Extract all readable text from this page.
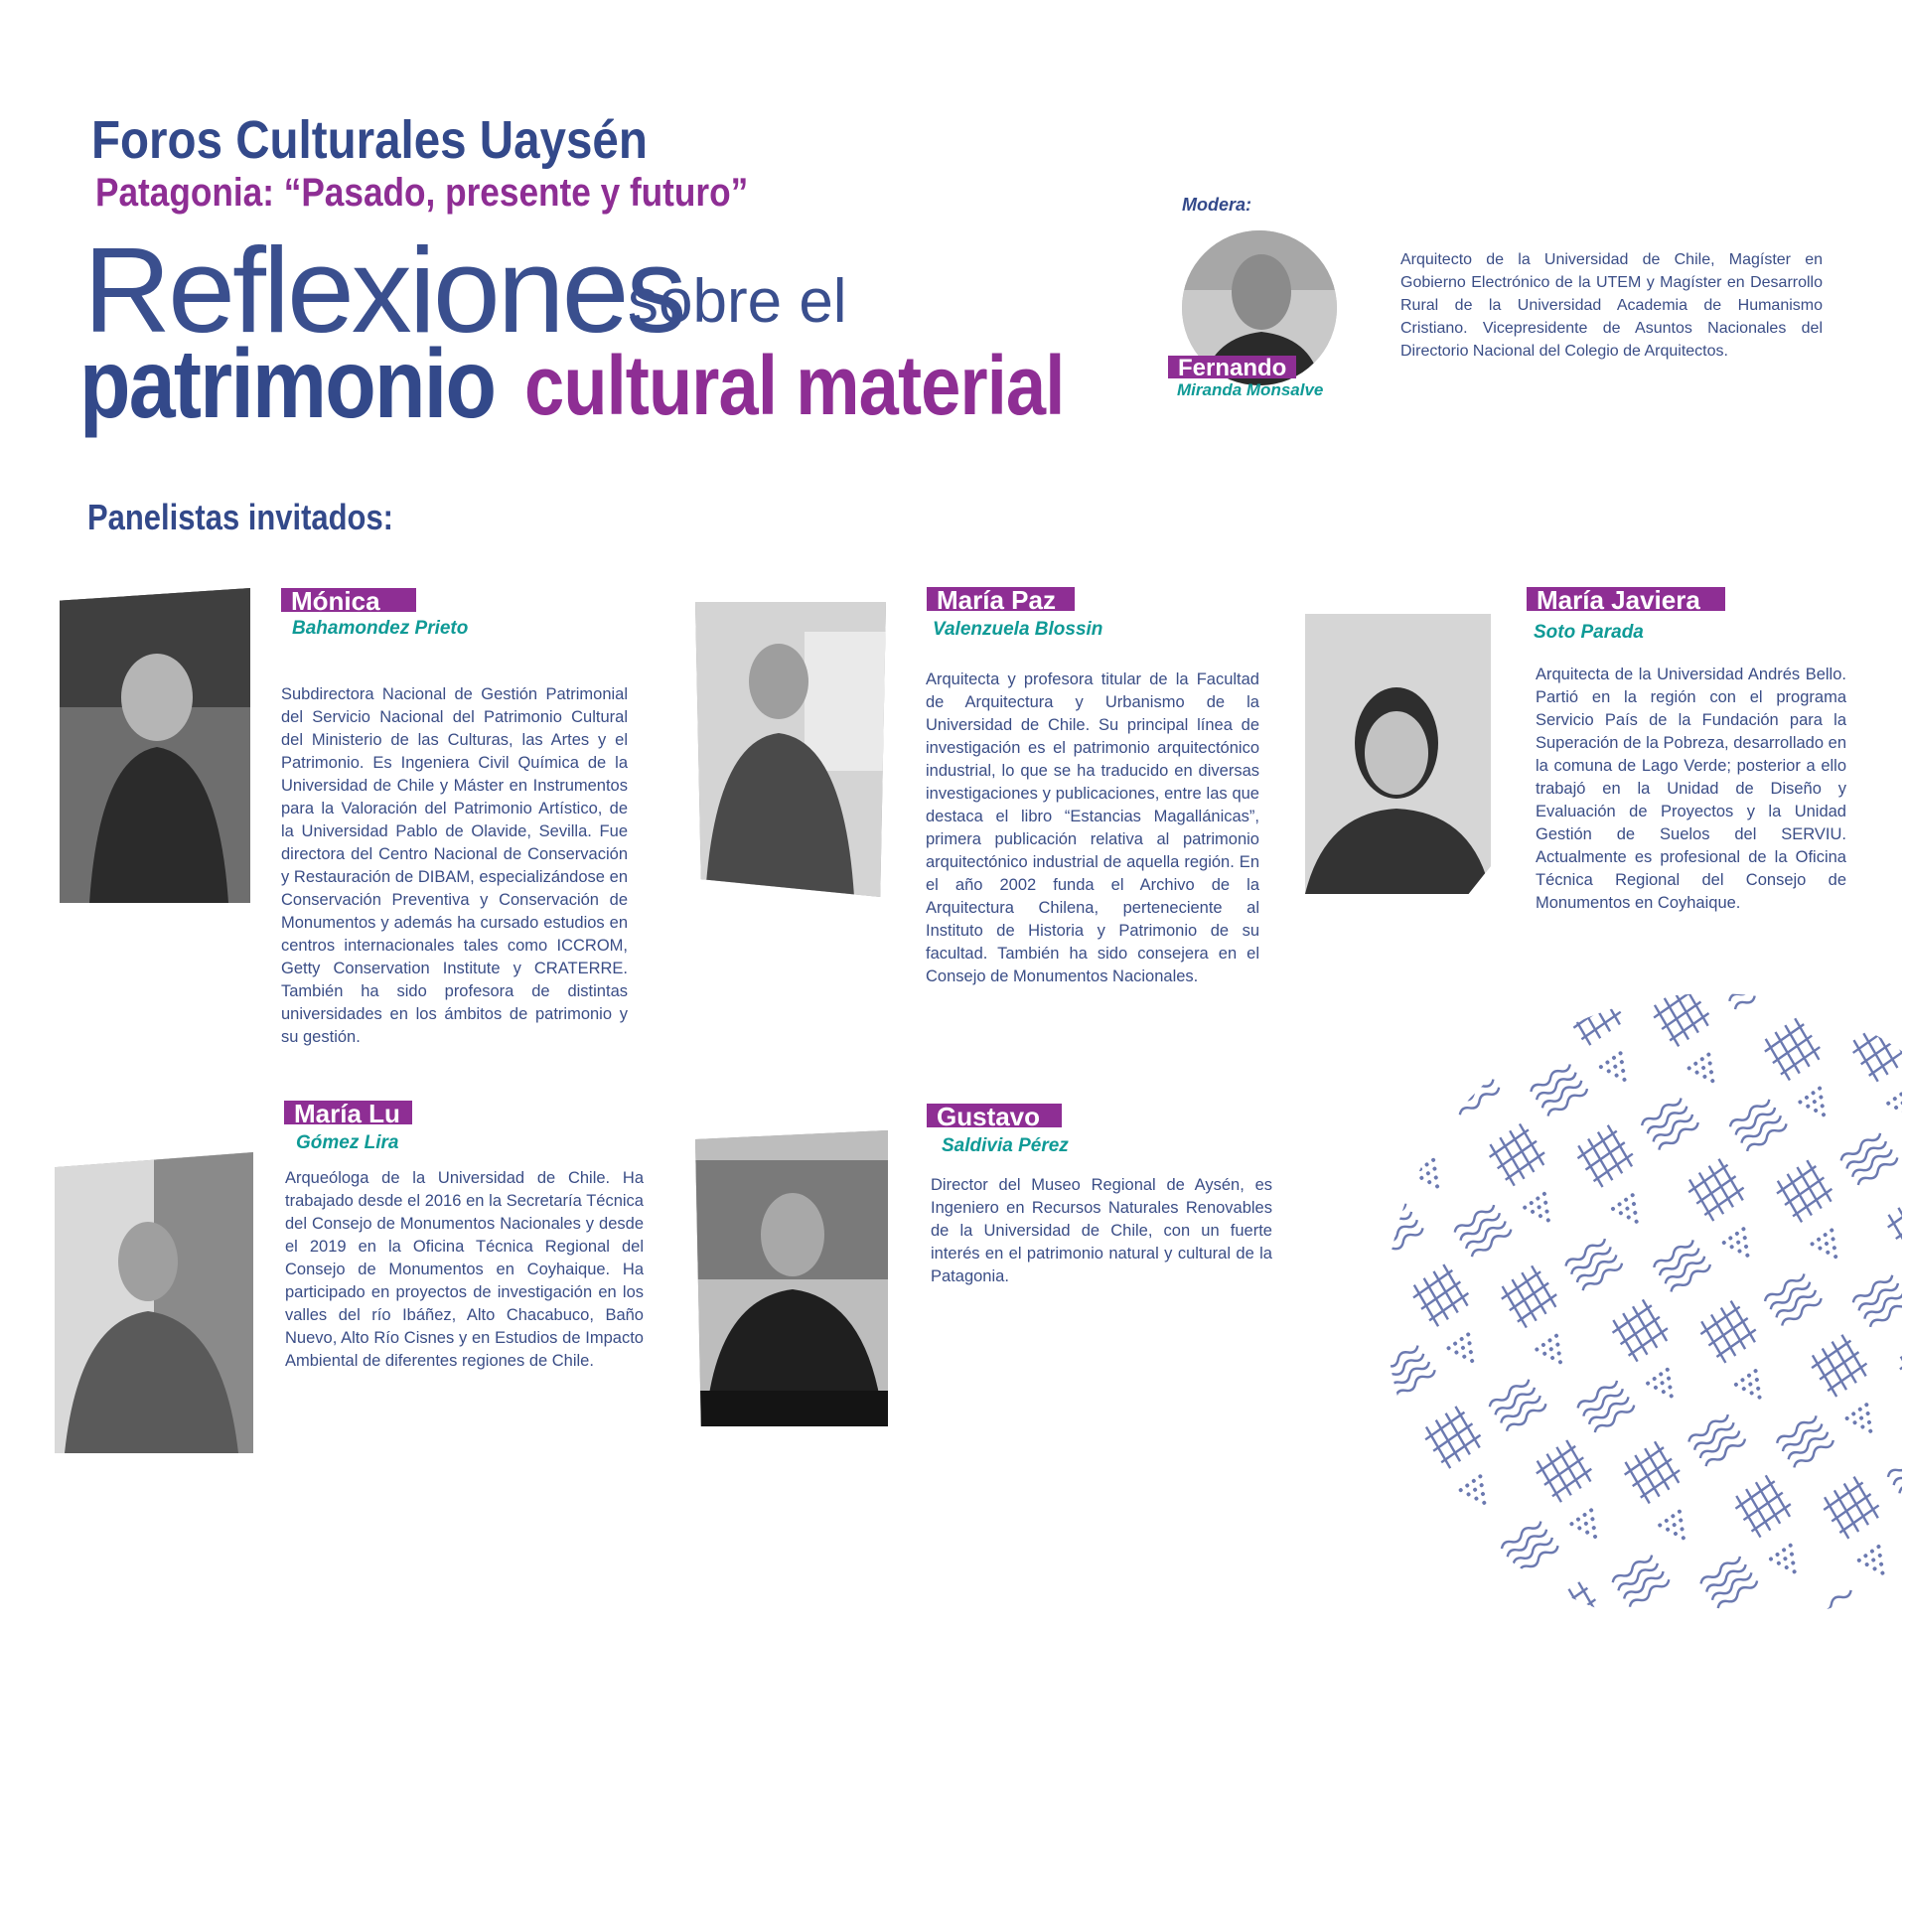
Foros Culturales Uaysén
Patagonia: “Pasado, presente y futuro”
Reflexiones
sobre el
patrimonio cultural material
Modera:
Fernando
Miranda Monsalve
Arquitecto de la Universidad de Chile, Magíster en Gobierno Electrónico de la UTEM y Magíster en Desarrollo Rural de la Universidad Academia de Humanismo Cristiano. Vicepresidente de Asuntos Nacionales del Directorio Nacional del Colegio de Arquitectos.
Panelistas invitados:
Mónica
Bahamondez Prieto
Subdirectora Nacional de Gestión Patrimonial del Servicio Nacional del Patrimonio Cultural del Ministerio de las Culturas, las Artes y el Patrimonio. Es Ingeniera Civil Química de la Universidad de Chile y Máster en Instrumentos para la Valoración del Patrimonio Artístico, de la Universidad Pablo de Olavide, Sevilla. Fue directora del Centro Nacional de Conservación y Restauración de DIBAM, especializándose en Conservación Preventiva y Conservación de Monumentos y además ha cursado estudios en centros internacionales tales como ICCROM, Getty Conservation Institute y CRATERRE. También ha sido profesora de distintas universidades en los ámbitos de patrimonio y su gestión.
María Paz
Valenzuela Blossin
Arquitecta y profesora titular de la Facultad de Arquitectura y Urbanismo de la Universidad de Chile. Su principal línea de investigación es el patrimonio arquitectónico industrial, lo que se ha traducido en diversas investigaciones y publicaciones, entre las que destaca el libro “Estancias Magallánicas”, primera publicación relativa al patrimonio arquitectónico industrial de aquella región. En el año 2002 funda el Archivo de la Arquitectura Chilena, perteneciente al Instituto de Historia y Patrimonio de su facultad. También ha sido consejera en el Consejo de Monumentos Nacionales.
María Javiera
Soto Parada
Arquitecta de la Universidad Andrés Bello. Partió en la región con el programa Servicio País de la Fundación para la Superación de la Pobreza, desarrollado en la comuna de Lago Verde; posterior a ello trabajó en la Unidad de Diseño y Evaluación de Proyectos y la Unidad Gestión de Suelos del SERVIU. Actualmente es profesional de la Oficina Técnica Regional del Consejo de Monumentos en Coyhaique.
María Lu
Gómez Lira
Arqueóloga de la Universidad de Chile. Ha trabajado desde el 2016 en la Secretaría Técnica del Consejo de Monumentos Nacionales y desde el 2019 en la Oficina Técnica Regional del Consejo de Monumentos en Coyhaique. Ha participado en proyectos de investigación en los valles del río Ibáñez, Alto Chacabuco, Baño Nuevo, Alto Río Cisnes y en Estudios de Impacto Ambiental de diferentes regiones de Chile.
Gustavo
Saldivia Pérez
Director del Museo Regional de Aysén, es Ingeniero en Recursos Naturales Renovables de la Universidad de Chile, con un fuerte interés en el patrimonio natural y cultural de la Patagonia.
